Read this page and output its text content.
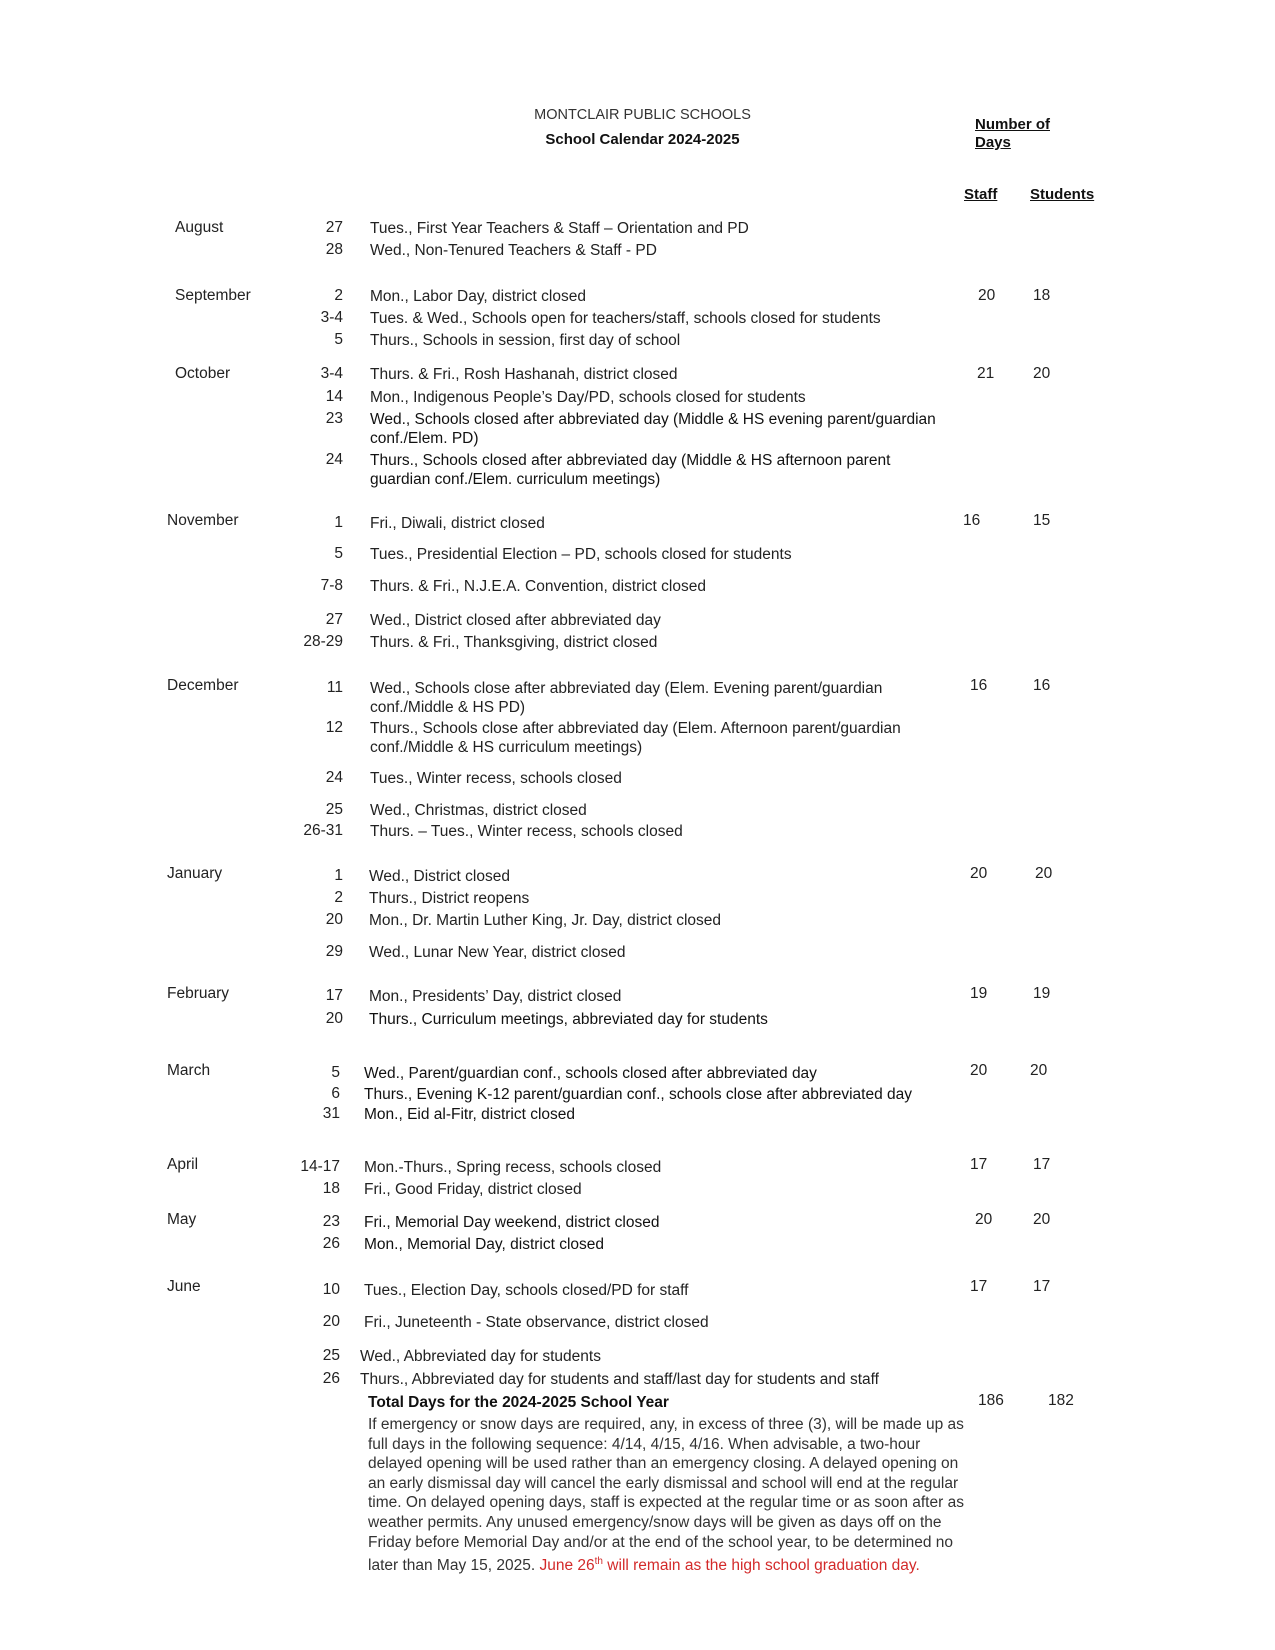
MONTCLAIR PUBLIC SCHOOLS
School Calendar 2024-2025
Number of Days
Staff Students
August	27 Tues., First Year Teachers & Staff – Orientation and PD
28 Wed., Non-Tenured Teachers & Staff - PD
September	20 18
2 Mon., Labor Day, district closed
3-4 Tues. & Wed., Schools open for teachers/staff, schools closed for students
5 Thurs., Schools in session, first day of school
October	21	20
3-4 Thurs. & Fri., Rosh Hashanah, district closed
14 Mon., Indigenous People’s Day/PD, schools closed for students
23 Wed., Schools closed after abbreviated day (Middle & HS evening parent/guardian conf./Elem. PD)
24 Thurs., Schools closed after abbreviated day (Middle & HS afternoon parent guardian conf./Elem. curriculum meetings)
November	16	15
1 Fri., Diwali, district closed
5 Tues., Presidential Election – PD, schools closed for students
7-8 Thurs. & Fri., N.J.E.A. Convention, district closed
27 Wed., District closed after abbreviated day
28-29 Thurs. & Fri., Thanksgiving, district closed
December	16	16
11 Wed., Schools close after abbreviated day (Elem. Evening parent/guardian conf./Middle & HS PD)
12 Thurs., Schools close after abbreviated day (Elem. Afternoon parent/guardian conf./Middle & HS curriculum meetings)
24 Tues., Winter recess, schools closed
25 Wed., Christmas, district closed
26-31 Thurs. – Tues., Winter recess, schools closed
January	20	20
1 Wed., District closed
2 Thurs., District reopens
20 Mon., Dr. Martin Luther King, Jr. Day, district closed
29 Wed., Lunar New Year, district closed
February	19	19
17 Mon., Presidents’ Day, district closed
20 Thurs., Curriculum meetings, abbreviated day for students
March	20	20
5 Wed., Parent/guardian conf., schools closed after abbreviated day
6 Thurs., Evening K-12 parent/guardian conf., schools close after abbreviated day
31 Mon., Eid al-Fitr, district closed
April	17	17
14-17 Mon.-Thurs., Spring recess, schools closed
18 Fri., Good Friday, district closed
May	20	20
23 Fri., Memorial Day weekend, district closed
26 Mon., Memorial Day, district closed
June	17	17
10 Tues., Election Day, schools closed/PD for staff
20 Fri., Juneteenth - State observance, district closed
25 Wed., Abbreviated day for students
26 Thurs., Abbreviated day for students and staff/last day for students and staff
Total Days for the 2024-2025 School Year	186	182
If emergency or snow days are required, any, in excess of three (3), will be made up as full days in the following sequence: 4/14, 4/15, 4/16. When advisable, a two-hour delayed opening will be used rather than an emergency closing. A delayed opening on an early dismissal day will cancel the early dismissal and school will end at the regular time. On delayed opening days, staff is expected at the regular time or as soon after as weather permits. Any unused emergency/snow days will be given as days off on the Friday before Memorial Day and/or at the end of the school year, to be determined no later than May 15, 2025. June 26th will remain as the high school graduation day.
